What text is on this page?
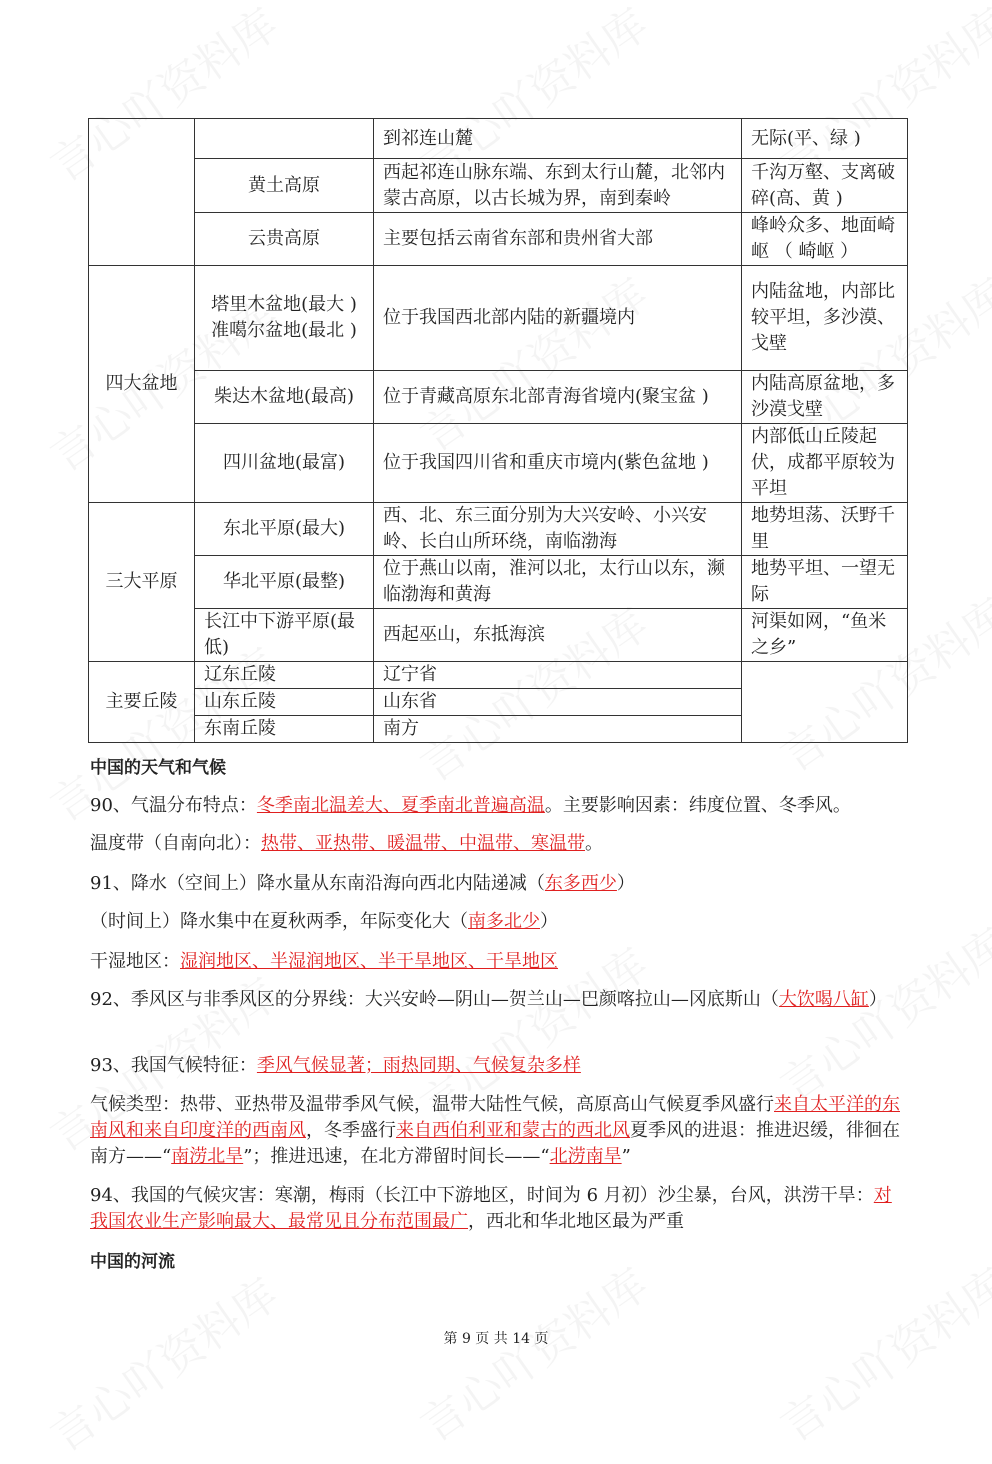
		到祁连山麓	无际(平、绿 )
	黄土高原	西起祁连山脉东端、东到太行山麓，北邻内蒙古高原，以古长城为界，南到秦岭	千沟万壑、支离破碎(高、黄 )
	云贵高原	主要包括云南省东部和贵州省大部	峰岭众多、地面崎 岖 （ 崎岖 ）
四大盆地	塔里木盆地(最大 ) 准噶尔盆地(最北 )	位于我国西北部内陆的新疆境内	内陆盆地，内部比较平坦，多沙漠、戈壁
	柴达木盆地(最高)	位于青藏高原东北部青海省境内(聚宝盆 )	内陆高原盆地，多沙漠戈壁
	四川盆地(最富)	位于我国四川省和重庆市境内(紫色盆地 )	内部低山丘陵起伏，成都平原较为平坦
三大平原	东北平原(最大)	西、北、东三面分别为大兴安岭、小兴安岭、长白山所环绕，南临渤海	地势坦荡、沃野千里
	华北平原(最整)	位于燕山以南，淮河以北，太行山以东，濒临渤海和黄海	地势平坦、一望无际
	长江中下游平原(最低)	西起巫山，东抵海滨	河渠如网，“鱼米之乡”
主要丘陵	辽东丘陵	辽宁省	
	山东丘陵	山东省	
	东南丘陵	南方	
中国的天气和气候
90、气温分布特点：冬季南北温差大、夏季南北普遍高温。主要影响因素：纬度位置、冬季风。
温度带（自南向北）：热带、亚热带、暖温带、中温带、寒温带。
91、降水（空间上）降水量从东南沿海向西北内陆递减（东多西少）
（时间上）降水集中在夏秋两季，年际变化大（南多北少）
干湿地区：湿润地区、半湿润地区、半干旱地区、干旱地区
92、季风区与非季风区的分界线：大兴安岭—阴山—贺兰山—巴颜喀拉山—冈底斯山（大饮喝八缸）
93、我国气候特征：季风气候显著；雨热同期、气候复杂多样
气候类型：热带、亚热带及温带季风气候，温带大陆性气候，高原高山气候夏季风盛行来自太平洋的东南风和来自印度洋的西南风，冬季盛行来自西伯利亚和蒙古的西北风夏季风的进退：推进迟缓，徘徊在南方——“南涝北旱”；推进迅速，在北方滞留时间长——“北涝南旱”
94、我国的气候灾害：寒潮，梅雨（长江中下游地区，时间为 6 月初）沙尘暴，台风，洪涝干旱：对我国农业生产影响最大、最常见且分布范围最广，西北和华北地区最为严重
中国的河流
第 9 页 共 14 页
